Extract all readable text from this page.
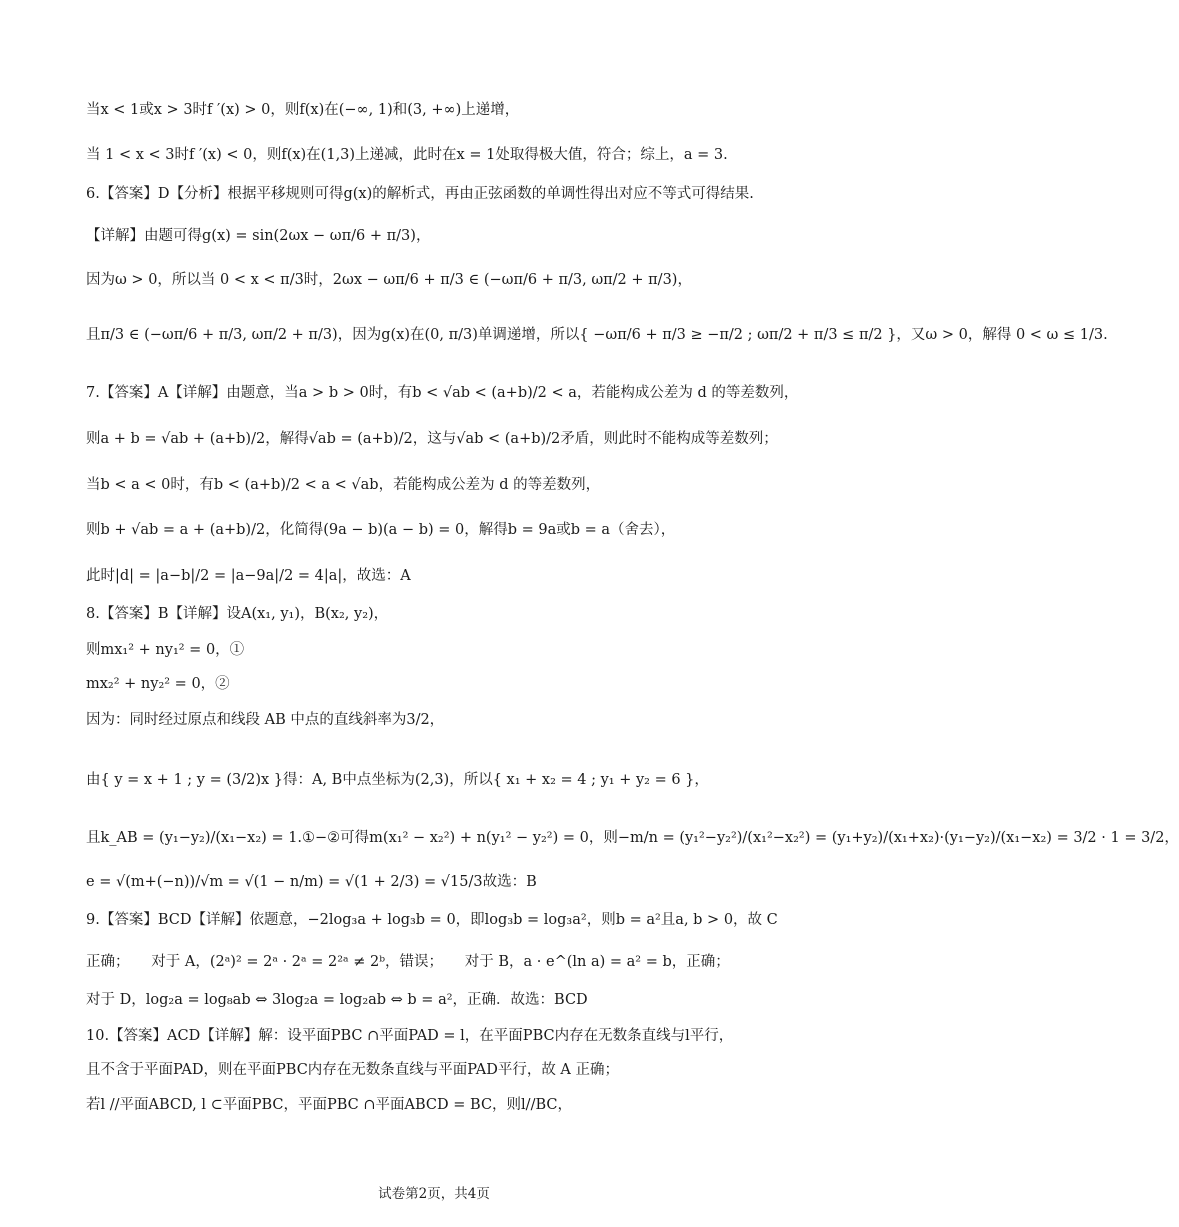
当x < 1或x > 3时f ′(x) > 0，则f(x)在(−∞, 1)和(3, +∞)上递增，
当 1 < x < 3时f ′(x) < 0，则f(x)在(1,3)上递减，此时在x = 1处取得极大值，符合；综上，a = 3.
6.【答案】D【分析】根据平移规则可得g(x)的解析式，再由正弦函数的单调性得出对应不等式可得结果.
【详解】由题可得g(x) = sin(2ωx − ωπ/6 + π/3)，
因为ω > 0，所以当 0 < x < π/3时，2ωx − ωπ/6 + π/3 ∈ (−ωπ/6 + π/3, ωπ/2 + π/3)，
且π/3 ∈ (−ωπ/6 + π/3, ωπ/2 + π/3)，因为g(x)在(0, π/3)单调递增，所以{ −ωπ/6 + π/3 ≥ −π/2 ; ωπ/2 + π/3 ≤ π/2 }，又ω > 0，解得 0 < ω ≤ 1/3.
7.【答案】A【详解】由题意，当a > b > 0时，有b < √ab < (a+b)/2 < a，若能构成公差为 d 的等差数列，
则a + b = √ab + (a+b)/2，解得√ab = (a+b)/2，这与√ab < (a+b)/2矛盾，则此时不能构成等差数列；
当b < a < 0时，有b < (a+b)/2 < a < √ab，若能构成公差为 d 的等差数列，
则b + √ab = a + (a+b)/2，化简得(9a − b)(a − b) = 0，解得b = 9a或b = a（舍去），
此时|d| = |a−b|/2 = |a−9a|/2 = 4|a|，故选：A
8.【答案】B【详解】设A(x₁, y₁)，B(x₂, y₂)，
则mx₁² + ny₁² = 0，①
mx₂² + ny₂² = 0，②
因为：同时经过原点和线段 AB 中点的直线斜率为3/2，
由{ y = x + 1 ; y = (3/2)x }得：A, B中点坐标为(2,3)，所以{ x₁ + x₂ = 4 ; y₁ + y₂ = 6 }，
且k_AB = (y₁−y₂)/(x₁−x₂) = 1.①−②可得m(x₁² − x₂²) + n(y₁² − y₂²) = 0，则−m/n = (y₁²−y₂²)/(x₁²−x₂²) = (y₁+y₂)/(x₁+x₂)·(y₁−y₂)/(x₁−x₂) = 3/2 · 1 = 3/2，
e = √(m+(−n))/√m = √(1 − n/m) = √(1 + 2/3) = √15/3故选：B
9.【答案】BCD【详解】依题意，−2log₃a + log₃b = 0，即log₃b = log₃a²，则b = a²且a, b > 0，故 C
正确；　　对于 A，(2ᵃ)² = 2ᵃ · 2ᵃ = 2²ᵃ ≠ 2ᵇ，错误；　　对于 B，a · e^(ln a) = a² = b，正确；
对于 D，log₂a = log₈ab ⇔ 3log₂a = log₂ab ⇔ b = a²，正确．故选：BCD
10.【答案】ACD【详解】解：设平面PBC ∩平面PAD = l，在平面PBC内存在无数条直线与l平行，
且不含于平面PAD，则在平面PBC内存在无数条直线与平面PAD平行，故 A 正确；
若l //平面ABCD, l ⊂平面PBC，平面PBC ∩平面ABCD = BC，则l//BC，
试卷第2页，共4页
